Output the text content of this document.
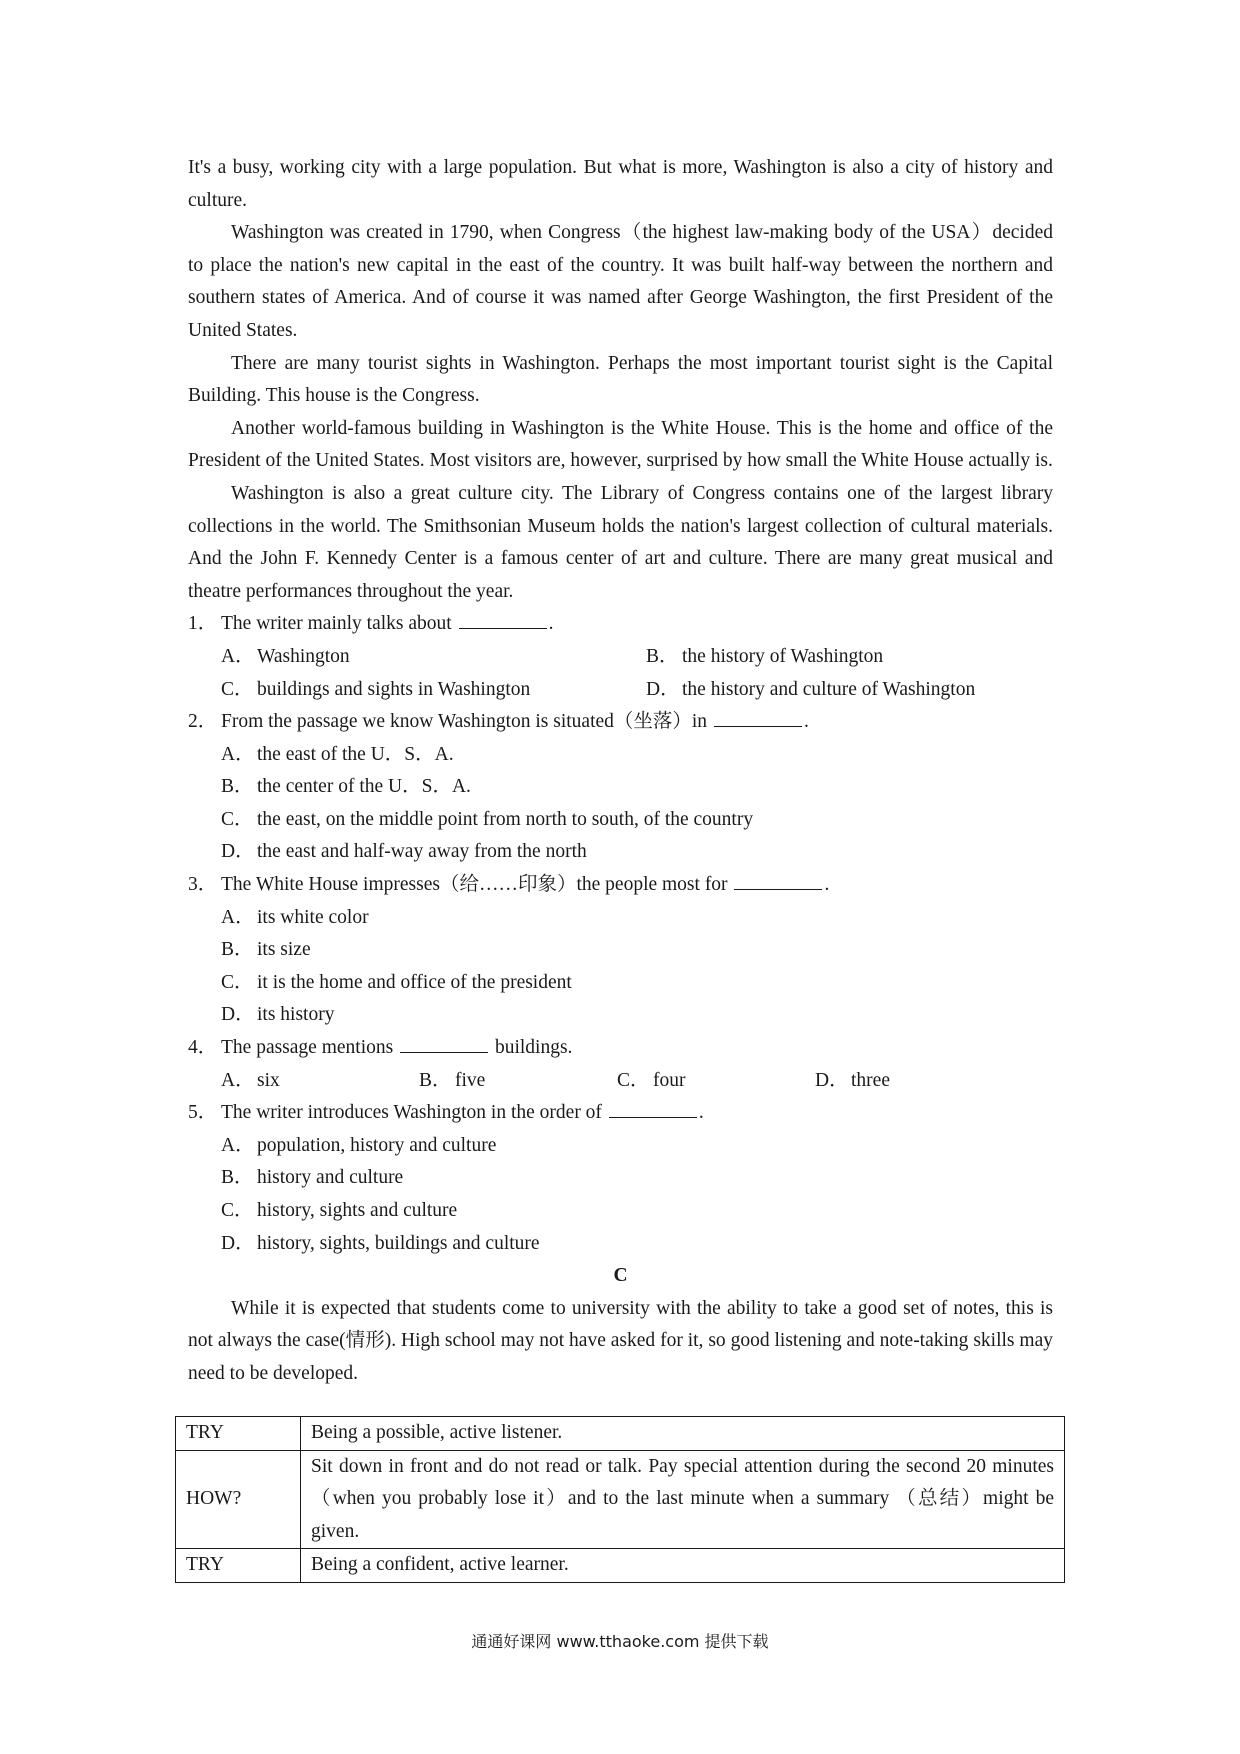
It's a busy, working city with a large population. But what is more, Washington is also a city of history and culture.

Washington was created in 1790, when Congress（the highest law-making body of the USA）decided to place the nation's new capital in the east of the country. It was built half-way between the northern and southern states of America. And of course it was named after George Washington, the first President of the United States.

There are many tourist sights in Washington. Perhaps the most important tourist sight is the Capital Building. This house is the Congress.

Another world-famous building in Washington is the White House. This is the home and office of the President of the United States. Most visitors are, however, surprised by how small the White House actually is.

Washington is also a great culture city. The Library of Congress contains one of the largest library collections in the world. The Smithsonian Museum holds the nation's largest collection of cultural materials. And the John F. Kennedy Center is a famous center of art and culture. There are many great musical and theatre performances throughout the year.

1． The writer mainly talks about	.
A． Washington	B． the history of Washington
C． buildings and sights in Washington	D． the history and culture of Washington
2． From the passage we know Washington is situated（坐落）in	.
A． the east of the U．S．A.
B． the center of the U．S．A.
C． the east, on the middle point from north to south, of the country
D． the east and half-way away from the north
3． The White House impresses（给……印象）the people most for	.
A． its white color
B． its size
C． it is the home and office of the president
D． its history
4． The passage mentions	buildings.
A． six	B． five	C． four	D． three
5． The writer introduces Washington in the order of	.
A． population, history and culture
B． history and culture
C． history, sights and culture
D． history, sights, buildings and culture
C

While it is expected that students come to university with the ability to take a good set of notes, this is not always the case(情形). High school may not have asked for it, so good listening and note-taking skills may need to be developed.

TRY	Being a possible, active listener.
HOW?	Sit down in front and do not read or talk. Pay special attention during the second 20 minutes（when you probably lose it）and to the last minute when a summary （总结）might be given.
TRY	Being a confident, active learner.
通通好课网 www.tthaoke.com 提供下载
